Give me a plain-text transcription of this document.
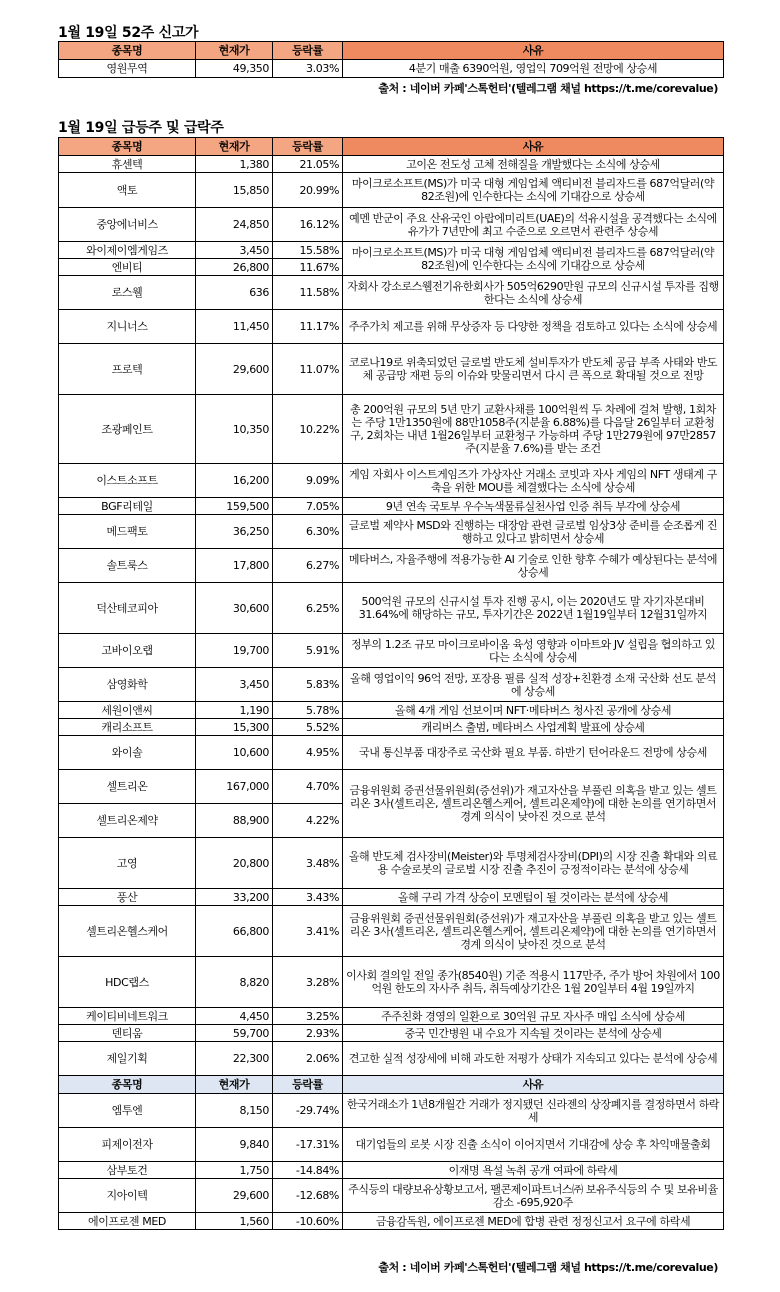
1월 19일 52주 신고가
종목명	현재가	등락률	사유
영원무역	49,350	3.03%	4분기 매출 6390억원, 영업익 709억원 전망에 상승세
출처 : 네이버 카페'스톡헌터'(텔레그램 채널 https://t.me/corevalue)
1월 19일 급등주 및 급락주
종목명	현재가	등락률	사유
휴센텍	1,380	21.05%	고이온 전도성 고체 전해질을 개발했다는 소식에 상승세
액토	15,850	20.99%	마이크로소프트(MS)가 미국 대형 게임업체 액티비전 블리자드를 687억달러(약 82조원)에 인수한다는 소식에 기대감으로 상승세
중앙에너비스	24,850	16.12%	예멘 반군이 주요 산유국인 아랍에미리트(UAE)의 석유시설을 공격했다는 소식에 유가가 7년만에 최고 수준으로 오르면서 관련주 상승세
와이제이엠게임즈	3,450	15.58%	마이크로소프트(MS)가 미국 대형 게임업체 액티비전 블리자드를 687억달러(약 82조원)에 인수한다는 소식에 기대감으로 상승세
엔비티	26,800	11.67%	
로스웰	636	11.58%	자회사 강소로스웰전기유한회사가 505억6290만원 규모의 신규시설 투자를 집행한다는 소식에 상승세
지니너스	11,450	11.17%	주주가치 제고를 위해 무상증자 등 다양한 정책을 검토하고 있다는 소식에 상승세
프로텍	29,600	11.07%	코로나19로 위축되었던 글로벌 반도체 설비투자가 반도체 공급 부족 사태와 반도체 공급망 재편 등의 이슈와 맞물리면서 다시 큰 폭으로 확대될 것으로 전망
조광페인트	10,350	10.22%	총 200억원 규모의 5년 만기 교환사채를 100억원씩 두 차례에 걸쳐 발행, 1회차는 주당 1만1350원에 88만1058주(지분율 6.88%)를 다음달 26일부터 교환청구, 2회차는 내년 1월26일부터 교환청구 가능하며 주당 1만279원에 97만2857주(지분율 7.6%)를 받는 조건
이스트소프트	16,200	9.09%	게임 자회사 이스트게임즈가 가상자산 거래소 코빗과 자사 게임의 NFT 생태계 구축을 위한 MOU를 체결했다는 소식에 상승세
BGF리테일	159,500	7.05%	9년 연속 국토부 우수녹색물류실천사업 인증 취득 부각에 상승세
메드팩토	36,250	6.30%	글로벌 제약사 MSD와 진행하는 대장암 관련 글로벌 임상3상 준비를 순조롭게 진행하고 있다고 밝히면서 상승세
솔트룩스	17,800	6.27%	메타버스, 자율주행에 적용가능한 AI 기술로 인한 향후 수혜가 예상된다는 분석에 상승세
덕산테코피아	30,600	6.25%	500억원 규모의 신규시설 투자 진행 공시, 이는 2020년도 말 자기자본대비 31.64%에 해당하는 규모, 투자기간은 2022년 1월19일부터 12월31일까지
고바이오랩	19,700	5.91%	정부의 1.2조 규모 마이크로바이옴 육성 영향과 이마트와 JV 설립을 협의하고 있다는 소식에 상승세
삼영화학	3,450	5.83%	올해 영업이익 96억 전망, 포장용 필름 실적 성장+친환경 소재 국산화 선도 분석에 상승세
세원이앤씨	1,190	5.78%	올해 4개 게임 선보이며 NFT·메타버스 청사진 공개에 상승세
캐리소프트	15,300	5.52%	캐리버스 출범, 메타버스 사업계획 발표에 상승세
와이솔	10,600	4.95%	국내 통신부품 대장주로 국산화 필요 부품. 하반기 턴어라운드 전망에 상승세
셀트리온	167,000	4.70%	금융위원회 증권선물위원회(증선위)가 재고자산을 부풀린 의혹을 받고 있는 셀트리온 3사(셀트리온, 셀트리온헬스케어, 셀트리온제약)에 대한 논의를 연기하면서 경계 의식이 낮아진 것으로 분석
셀트리온제약	88,900	4.22%	
고영	20,800	3.48%	올해 반도체 검사장비(Meister)와 투명체검사장비(DPI)의 시장 진출 확대와 의료용 수술로봇의 글로벌 시장 진출 추진이 긍정적이라는 분석에 상승세
풍산	33,200	3.43%	올해 구리 가격 상승이 모멘텀이 될 것이라는 분석에 상승세
셀트리온헬스케어	66,800	3.41%	금융위원회 증권선물위원회(증선위)가 재고자산을 부풀린 의혹을 받고 있는 셀트리온 3사(셀트리온, 셀트리온헬스케어, 셀트리온제약)에 대한 논의를 연기하면서 경계 의식이 낮아진 것으로 분석
HDC랩스	8,820	3.28%	이사회 결의일 전일 종가(8540원) 기준 적용시 117만주, 주가 방어 차원에서 100억원 한도의 자사주 취득, 취득예상기간은 1월 20일부터 4월 19일까지
케이티비네트워크	4,450	3.25%	주주친화 경영의 일환으로 30억원 규모 자사주 매입 소식에 상승세
덴티움	59,700	2.93%	중국 민간병원 내 수요가 지속될 것이라는 분석에 상승세
제일기획	22,300	2.06%	견고한 실적 성장세에 비해 과도한 저평가 상태가 지속되고 있다는 분석에 상승세
종목명	현재가	등락률	사유
엠투엔	8,150	-29.74%	한국거래소가 1년8개월간 거래가 정지됐던 신라젠의 상장폐지를 결정하면서 하락세
피제이전자	9,840	-17.31%	대기업들의 로봇 시장 진출 소식이 이어지면서 기대감에 상승 후 차익매물출회
삼부토건	1,750	-14.84%	이재명 욕설 녹취 공개 여파에 하락세
지아이텍	29,600	-12.68%	주식등의 대량보유상황보고서, 팰콘제이파트너스㈜ 보유주식등의 수 및 보유비율 감소 -695,920주
에이프로젠 MED	1,560	-10.60%	금융감독원, 에이프로젠 MED에 합병 관련 정정신고서 요구에 하락세
출처 : 네이버 카페'스톡헌터'(텔레그램 채널 https://t.me/corevalue)
